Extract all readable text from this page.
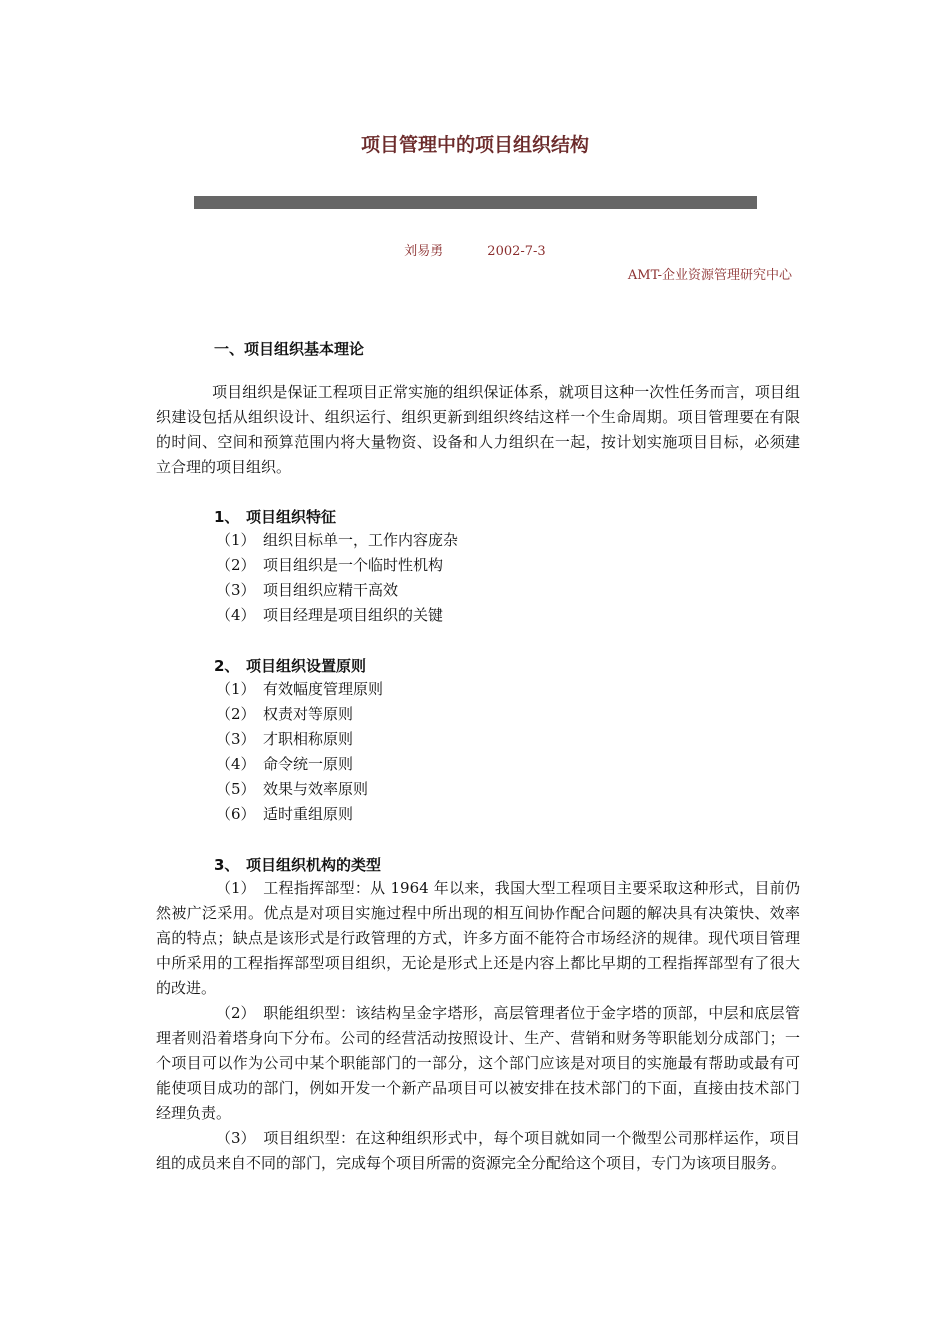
项目管理中的项目组织结构
刘易勇	2002-7-3
AMT-企业资源管理研究中心
一、项目组织基本理论

项目组织是保证工程项目正常实施的组织保证体系，就项目这种一次性任务而言，项目组织建设包括从组织设计、组织运行、组织更新到组织终结这样一个生命周期。项目管理要在有限的时间、空间和预算范围内将大量物资、设备和人力组织在一起，按计划实施项目目标，必须建立合理的项目组织。

1、 项目组织特征
（1） 组织目标单一，工作内容庞杂
（2） 项目组织是一个临时性机构
（3） 项目组织应精干高效
（4） 项目经理是项目组织的关键
2、 项目组织设置原则
（1） 有效幅度管理原则
（2） 权责对等原则
（3） 才职相称原则
（4） 命令统一原则
（5） 效果与效率原则
（6） 适时重组原则
3、 项目组织机构的类型

（1） 工程指挥部型：从 1964 年以来，我国大型工程项目主要采取这种形式，目前仍然被广泛采用。优点是对项目实施过程中所出现的相互间协作配合问题的解决具有决策快、效率高的特点；缺点是该形式是行政管理的方式，许多方面不能符合市场经济的规律。现代项目管理中所采用的工程指挥部型项目组织，无论是形式上还是内容上都比早期的工程指挥部型有了很大的改进。

（2） 职能组织型：该结构呈金字塔形，高层管理者位于金字塔的顶部，中层和底层管理者则沿着塔身向下分布。公司的经营活动按照设计、生产、营销和财务等职能划分成部门；一个项目可以作为公司中某个职能部门的一部分，这个部门应该是对项目的实施最有帮助或最有可能使项目成功的部门，例如开发一个新产品项目可以被安排在技术部门的下面，直接由技术部门经理负责。

（3） 项目组织型：在这种组织形式中，每个项目就如同一个微型公司那样运作，项目组的成员来自不同的部门，完成每个项目所需的资源完全分配给这个项目，专门为该项目服务。
